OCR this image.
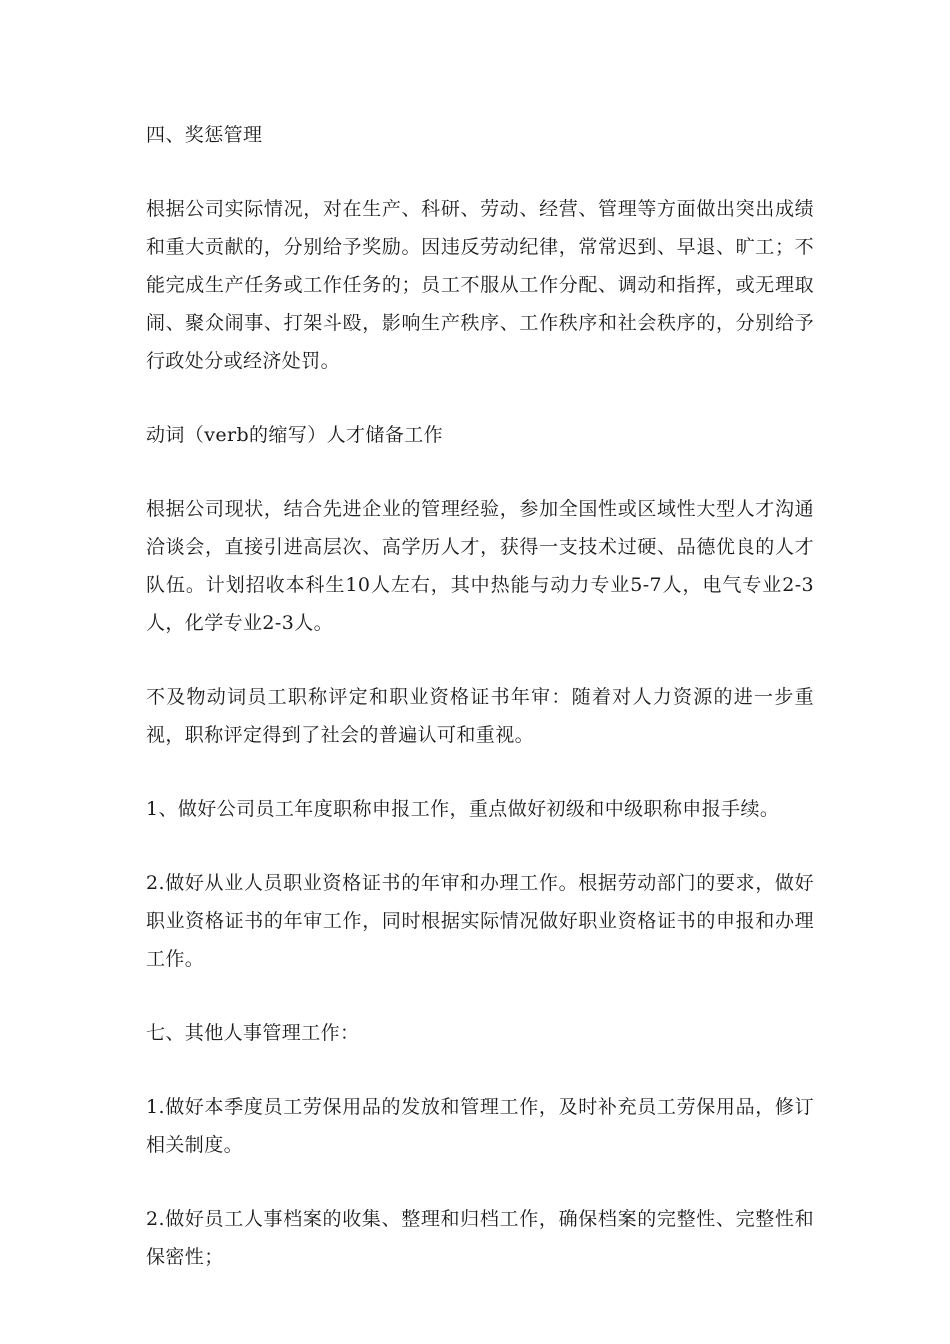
四、奖惩管理

根据公司实际情况，对在生产、科研、劳动、经营、管理等方面做出突出成绩和重大贡献的，分别给予奖励。因违反劳动纪律，常常迟到、早退、旷工；不能完成生产任务或工作任务的；员工不服从工作分配、调动和指挥，或无理取闹、聚众闹事、打架斗殴，影响生产秩序、工作秩序和社会秩序的，分别给予行政处分或经济处罚。

动词（verb的缩写）人才储备工作

根据公司现状，结合先进企业的管理经验，参加全国性或区域性大型人才沟通洽谈会，直接引进高层次、高学历人才，获得一支技术过硬、品德优良的人才队伍。计划招收本科生10人左右，其中热能与动力专业5-7人，电气专业2-3人，化学专业2-3人。

不及物动词员工职称评定和职业资格证书年审：随着对人力资源的进一步重视，职称评定得到了社会的普遍认可和重视。

1、做好公司员工年度职称申报工作，重点做好初级和中级职称申报手续。

2.做好从业人员职业资格证书的年审和办理工作。根据劳动部门的要求，做好职业资格证书的年审工作，同时根据实际情况做好职业资格证书的申报和办理工作。

七、其他人事管理工作：

1.做好本季度员工劳保用品的发放和管理工作，及时补充员工劳保用品，修订相关制度。

2.做好员工人事档案的收集、整理和归档工作，确保档案的完整性、完整性和保密性；
